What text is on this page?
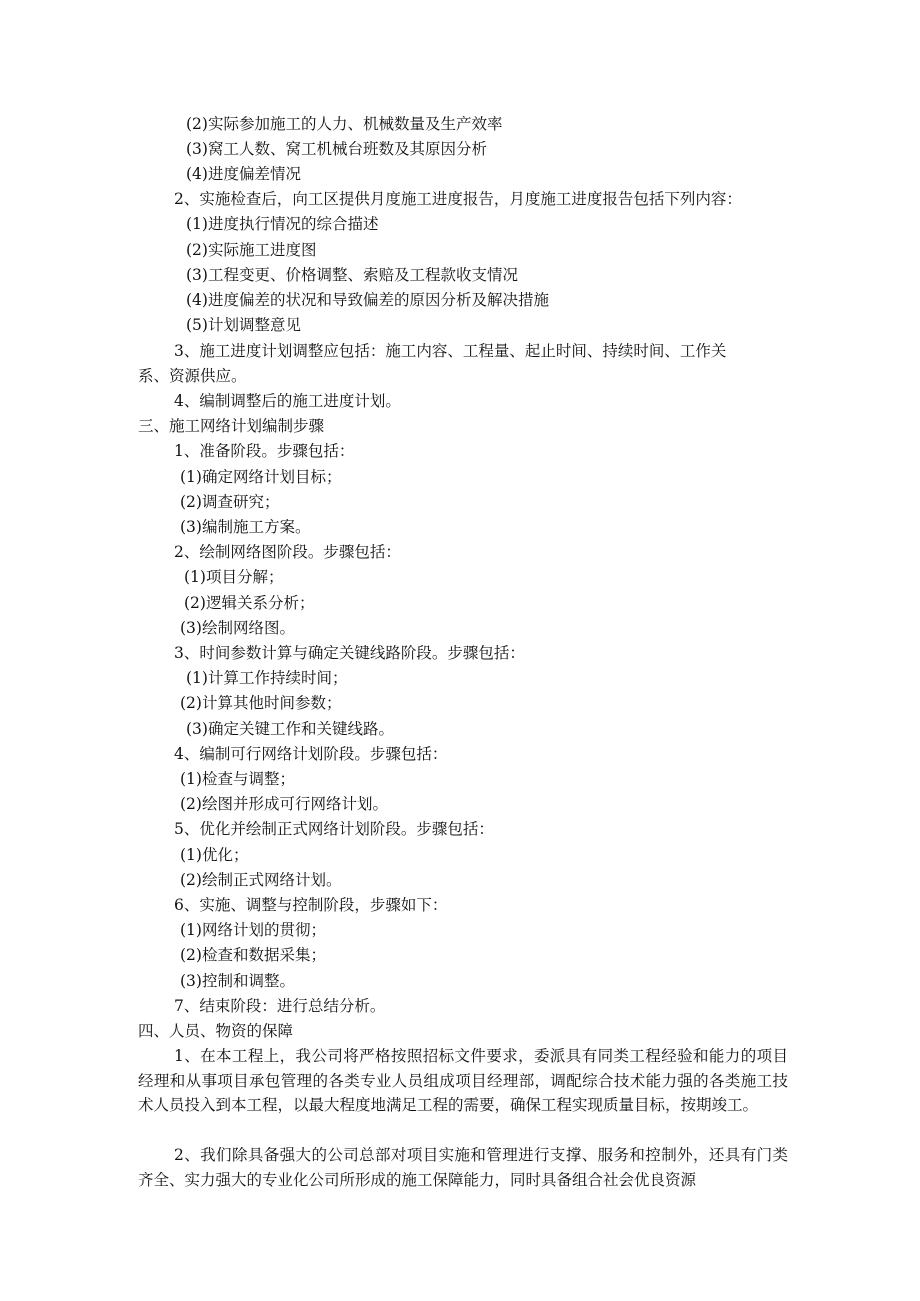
(2)实际参加施工的人力、机械数量及生产效率
(3)窝工人数、窝工机械台班数及其原因分析
(4)进度偏差情况
2、实施检查后，向工区提供月度施工进度报告，月度施工进度报告包括下列内容：
(1)进度执行情况的综合描述
(2)实际施工进度图
(3)工程变更、价格调整、索赔及工程款收支情况
(4)进度偏差的状况和导致偏差的原因分析及解决措施
(5)计划调整意见
3、施工进度计划调整应包括：施工内容、工程量、起止时间、持续时间、工作关
系、资源供应。
4、编制调整后的施工进度计划。
三、施工网络计划编制步骤
1、准备阶段。步骤包括：
(1)确定网络计划目标；
(2)调查研究；
(3)编制施工方案。
2、绘制网络图阶段。步骤包括：
(1)项目分解；
(2)逻辑关系分析；
(3)绘制网络图。
3、时间参数计算与确定关键线路阶段。步骤包括：
(1)计算工作持续时间；
(2)计算其他时间参数；
(3)确定关键工作和关键线路。
4、编制可行网络计划阶段。步骤包括：
(1)检查与调整；
(2)绘图并形成可行网络计划。
5、优化并绘制正式网络计划阶段。步骤包括：
(1)优化；
(2)绘制正式网络计划。
6、实施、调整与控制阶段，步骤如下：
(1)网络计划的贯彻；
(2)检查和数据采集；
(3)控制和调整。
7、结束阶段：进行总结分析。
四、人员、物资的保障
1、在本工程上，我公司将严格按照招标文件要求，委派具有同类工程经验和能力的项目经理和从事项目承包管理的各类专业人员组成项目经理部，调配综合技术能力强的各类施工技术人员投入到本工程，以最大程度地满足工程的需要，确保工程实现质量目标，按期竣工。
2、我们除具备强大的公司总部对项目实施和管理进行支撑、服务和控制外，还具有门类齐全、实力强大的专业化公司所形成的施工保障能力，同时具备组合社会优良资源
